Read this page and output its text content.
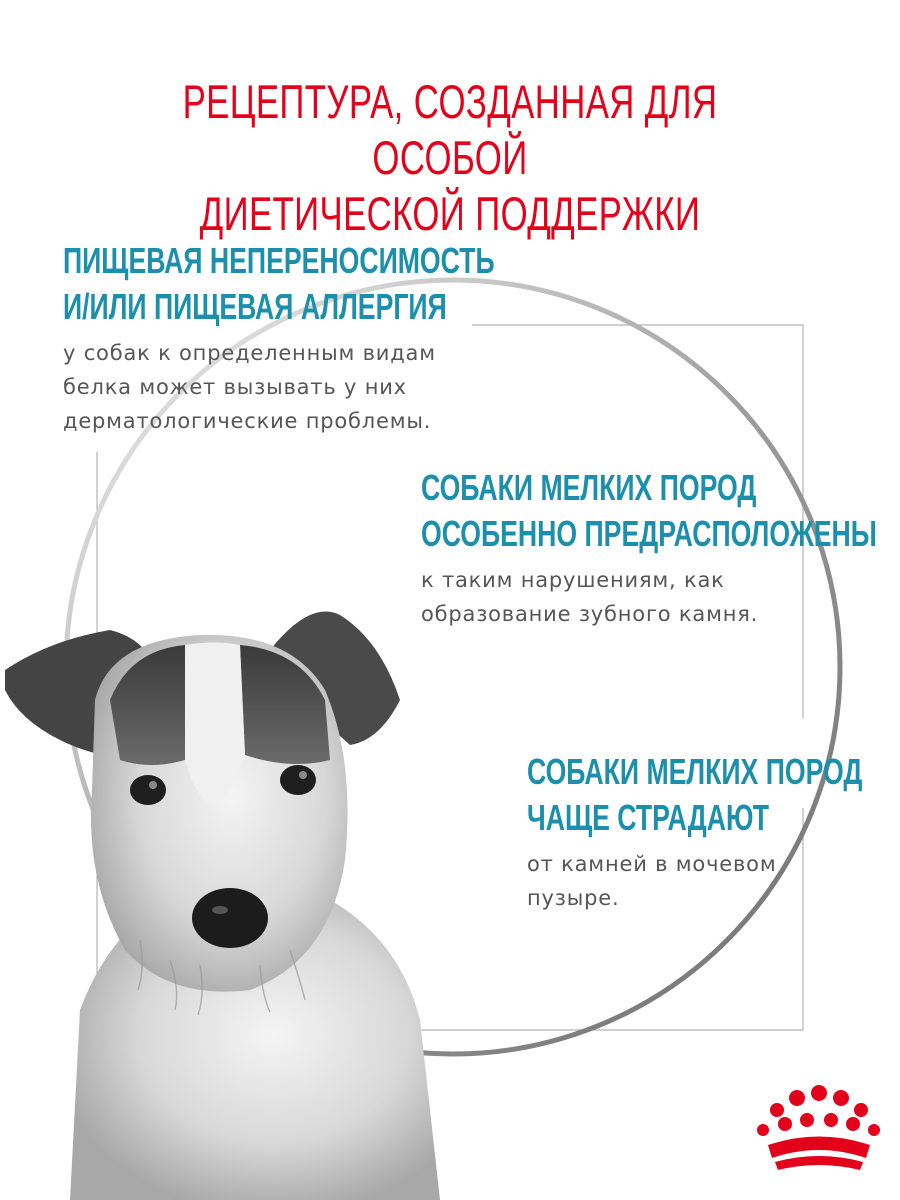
РЕЦЕПТУРА, СОЗДАННАЯ ДЛЯ ОСОБОЙ
ДИЕТИЧЕСКОЙ ПОДДЕРЖКИ
ПИЩЕВАЯ НЕПЕРЕНОСИМОСТЬ
И/ИЛИ ПИЩЕВАЯ АЛЛЕРГИЯ
у собак к определенным видам
белка может вызывать у них
дерматологические проблемы.
СОБАКИ МЕЛКИХ ПОРОД
ОСОБЕННО ПРЕДРАСПОЛОЖЕНЫ
к таким нарушениям, как
образование зубного камня.
СОБАКИ МЕЛКИХ ПОРОД
ЧАЩЕ СТРАДАЮТ
от камней в мочевом
пузыре.
